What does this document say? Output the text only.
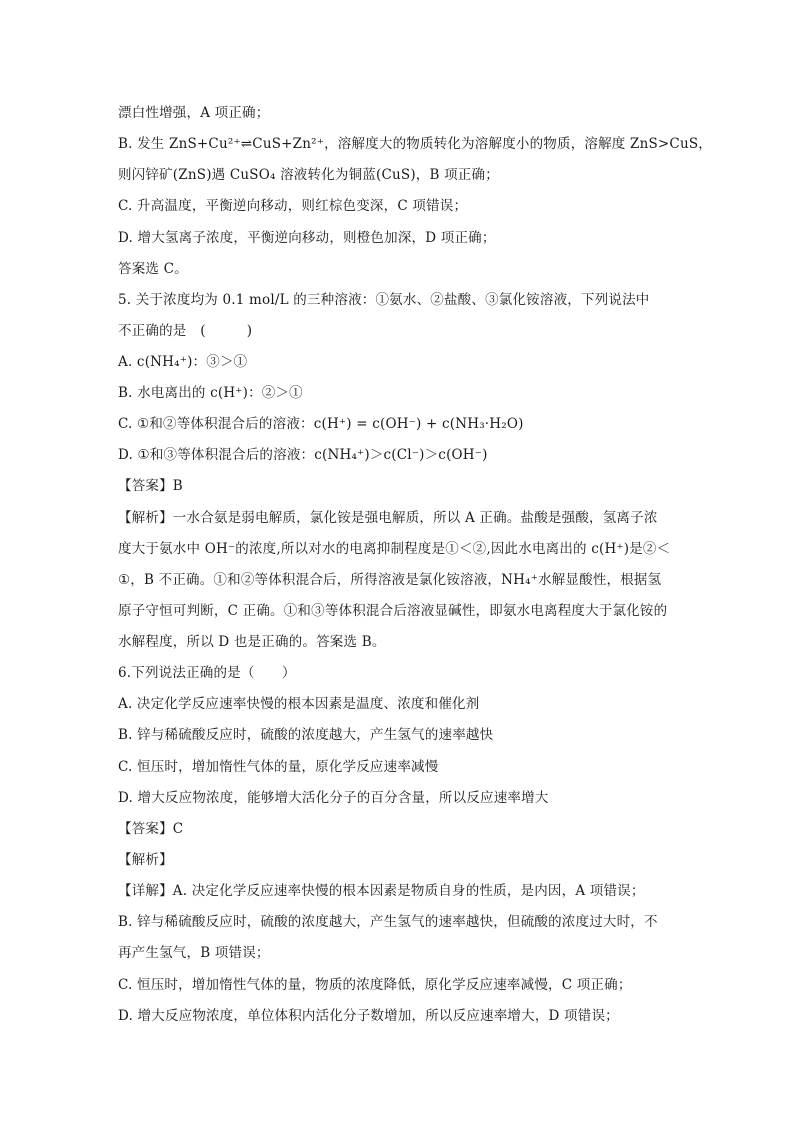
漂白性增强，A 项正确；
B. 发生 ZnS+Cu²⁺⇌CuS+Zn²⁺，溶解度大的物质转化为溶解度小的物质，溶解度 ZnS>CuS，
则闪锌矿(ZnS)遇 CuSO₄ 溶液转化为铜蓝(CuS)，B 项正确；
C. 升高温度，平衡逆向移动，则红棕色变深，C 项错误；
D. 增大氢离子浓度，平衡逆向移动，则橙色加深，D 项正确；
答案选 C。
5. 关于浓度均为 0.1 mol/L 的三种溶液：①氨水、②盐酸、③氯化铵溶液，下列说法中
不正确的是　(　　　)
A. c(NH₄⁺)：③＞①
B. 水电离出的 c(H⁺)：②＞①
C. ①和②等体积混合后的溶液：c(H⁺) = c(OH⁻) + c(NH₃·H₂O)
D. ①和③等体积混合后的溶液：c(NH₄⁺)＞c(Cl⁻)＞c(OH⁻)
【答案】B
【解析】一水合氨是弱电解质，氯化铵是强电解质，所以 A 正确。盐酸是强酸，氢离子浓
度大于氨水中 OH⁻的浓度,所以对水的电离抑制程度是①＜②,因此水电离出的 c(H⁺)是②＜
①，B 不正确。①和②等体积混合后，所得溶液是氯化铵溶液，NH₄⁺水解显酸性，根据氢
原子守恒可判断，C 正确。①和③等体积混合后溶液显碱性，即氨水电离程度大于氯化铵的
水解程度，所以 D 也是正确的。答案选 B。
6.下列说法正确的是（　　）
A. 决定化学反应速率快慢的根本因素是温度、浓度和催化剂
B. 锌与稀硫酸反应时，硫酸的浓度越大，产生氢气的速率越快
C. 恒压时，增加惰性气体的量，原化学反应速率减慢
D. 增大反应物浓度，能够增大活化分子的百分含量，所以反应速率增大
【答案】C
【解析】
【详解】A. 决定化学反应速率快慢的根本因素是物质自身的性质，是内因，A 项错误；
B. 锌与稀硫酸反应时，硫酸的浓度越大，产生氢气的速率越快，但硫酸的浓度过大时，不
再产生氢气，B 项错误；
C. 恒压时，增加惰性气体的量，物质的浓度降低，原化学反应速率减慢，C 项正确；
D. 增大反应物浓度，单位体积内活化分子数增加，所以反应速率增大，D 项错误；
